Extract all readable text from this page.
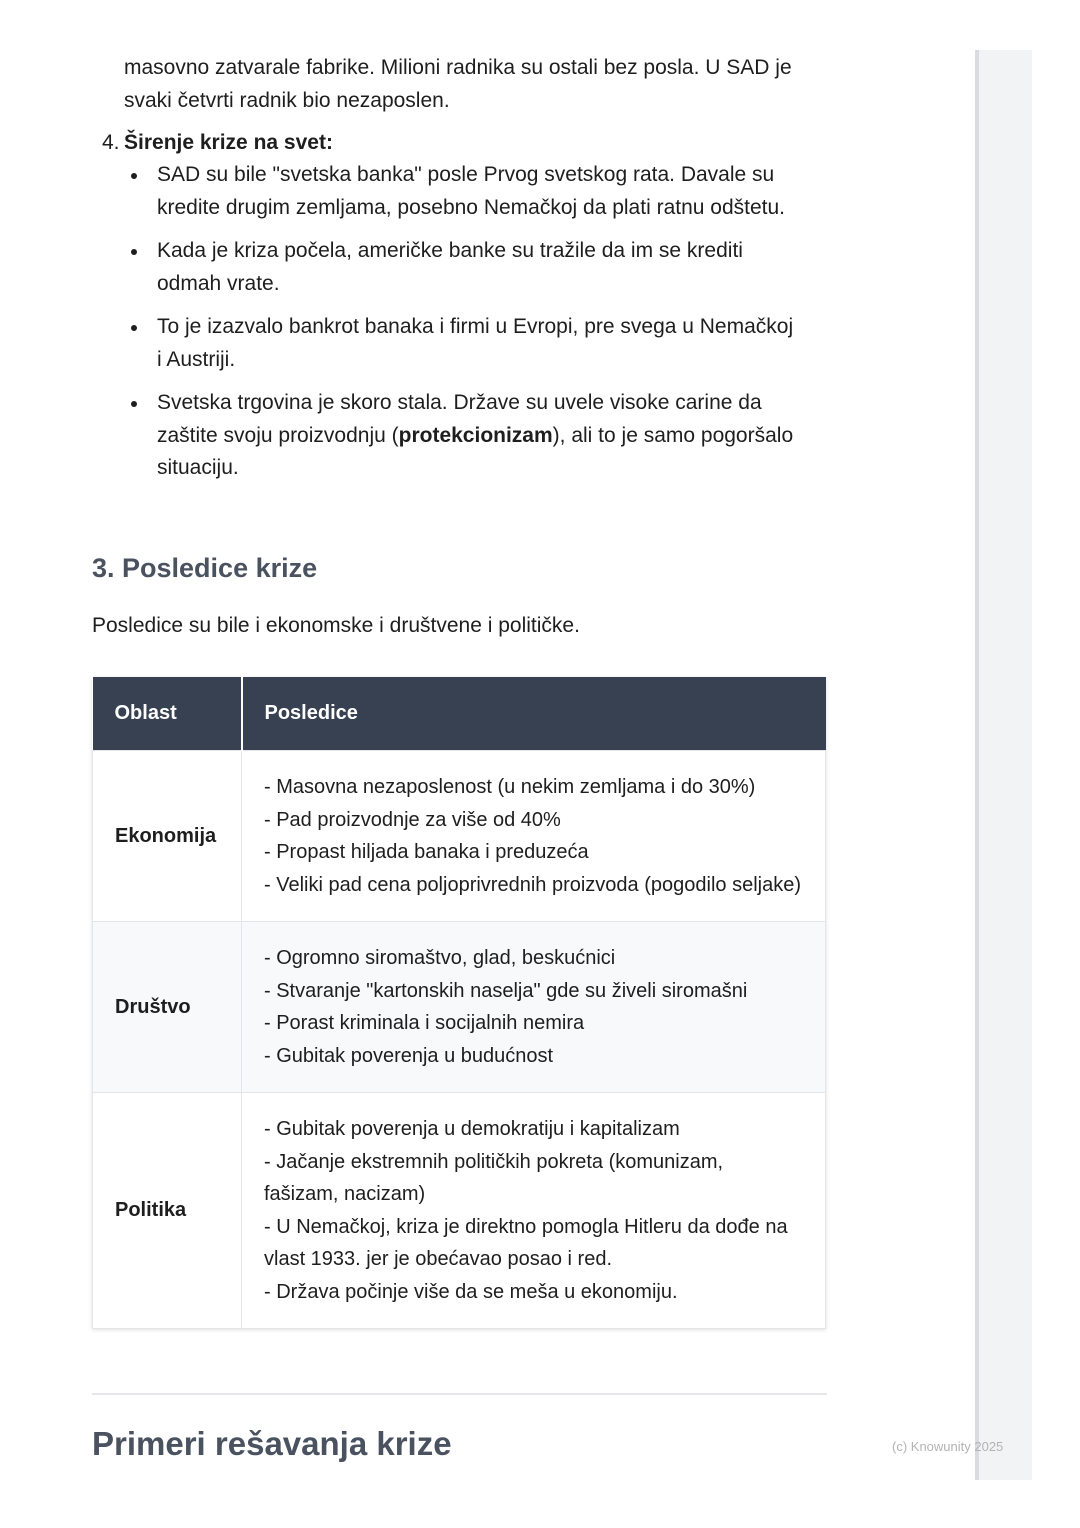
(c) Knowunity 2025

masovno zatvarale fabrike. Milioni radnika su ostali bez posla. U SAD je svaki četvrti radnik bio nezaposlen.

4. Širenje krize na svet:
SAD su bile "svetska banka" posle Prvog svetskog rata. Davale su kredite drugim zemljama, posebno Nemačkoj da plati ratnu odštetu.
Kada je kriza počela, američke banke su tražile da im se krediti odmah vrate.
To je izazvalo bankrot banaka i firmi u Evropi, pre svega u Nemačkoj i Austriji.
Svetska trgovina je skoro stala. Države su uvele visoke carine da zaštite svoju proizvodnju (protekcionizam), ali to je samo pogoršalo situaciju.
3. Posledice krize

Posledice su bile i ekonomske i društvene i političke.

Oblast	Posledice
Ekonomija	- Masovna nezaposlenost (u nekim zemljama i do 30%)
- Pad proizvodnje za više od 40%
- Propast hiljada banaka i preduzeća
- Veliki pad cena poljoprivrednih proizvoda (pogodilo seljake)

Društvo	- Ogromno siromaštvo, glad, beskućnici
- Stvaranje "kartonskih naselja" gde su živeli siromašni
- Porast kriminala i socijalnih nemira
- Gubitak poverenja u budućnost

Politika	- Gubitak poverenja u demokratiju i kapitalizam
- Jačanje ekstremnih političkih pokreta (komunizam, fašizam, nacizam)
- U Nemačkoj, kriza je direktno pomogla Hitleru da dođe na vlast 1933. jer je obećavao posao i red.
- Država počinje više da se meša u ekonomiju.
Primeri rešavanja krize
